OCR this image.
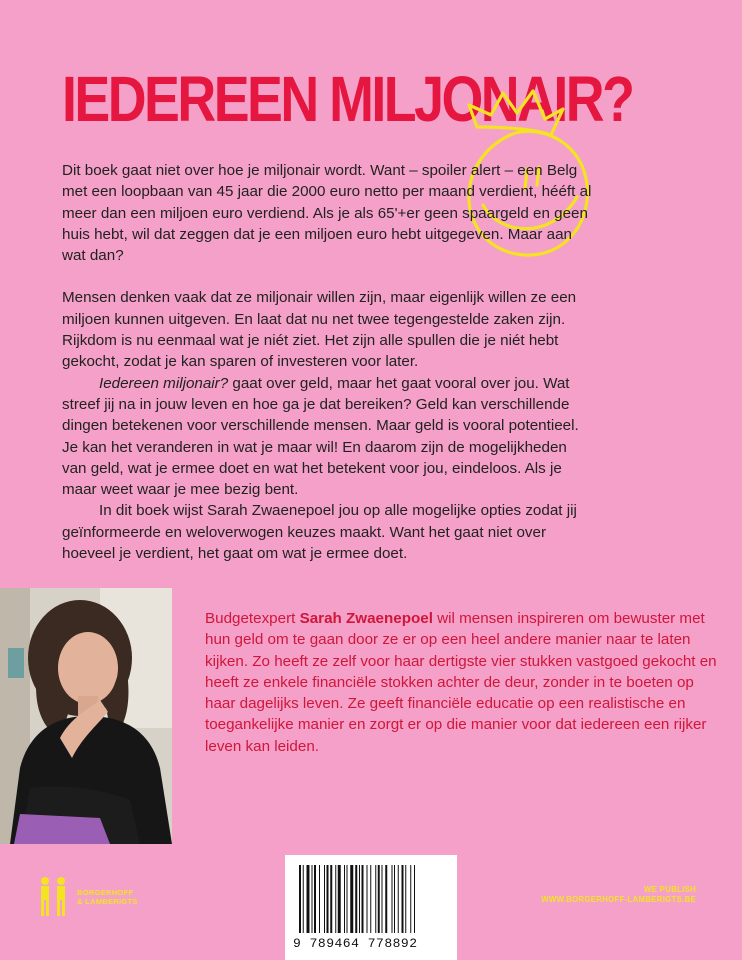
IEDEREEN MILJONAIR?

Dit boek gaat niet over hoe je miljonair wordt. Want – spoiler alert – een Belg met een loopbaan van 45 jaar die 2000 euro netto per maand verdient, hééft al meer dan een miljoen euro verdiend. Als je als 65'+er geen spaargeld en geen huis hebt, wil dat zeggen dat je een miljoen euro hebt uitgegeven. Maar aan wat dan?

Mensen denken vaak dat ze miljonair willen zijn, maar eigenlijk willen ze een miljoen kunnen uitgeven. En laat dat nu net twee tegengestelde zaken zijn. Rijkdom is nu eenmaal wat je niét ziet. Het zijn alle spullen die je niét hebt gekocht, zodat je kan sparen of investeren voor later.

Iedereen miljonair? gaat over geld, maar het gaat vooral over jou. Wat streef jij na in jouw leven en hoe ga je dat bereiken? Geld kan verschillende dingen betekenen voor verschillende mensen. Maar geld is vooral potentieel. Je kan het veranderen in wat je maar wil! En daarom zijn de mogelijkheden van geld, wat je ermee doet en wat het betekent voor jou, eindeloos. Als je maar weet waar je mee bezig bent.

In dit boek wijst Sarah Zwaenepoel jou op alle mogelijke opties zodat jij geïnformeerde en weloverwogen keuzes maakt. Want het gaat niet over hoeveel je verdient, het gaat om wat je ermee doet.

Budgetexpert Sarah Zwaenepoel wil mensen inspireren om bewuster met hun geld om te gaan door ze er op een heel andere manier naar te laten kijken. Zo heeft ze zelf voor haar dertigste vier stukken vastgoed gekocht en heeft ze enkele financiële stokken achter de deur, zonder in te boeten op haar dagelijks leven. Ze geeft financiële educatie op een realistische en toegankelijke manier en zorgt er op die manier voor dat iedereen een rijker leven kan leiden.

BORGERHOFF
& LAMBERIGTS
9 789464 778892
WE PUBLISH
WWW.BORGERHOFF-LAMBERIGTS.BE
